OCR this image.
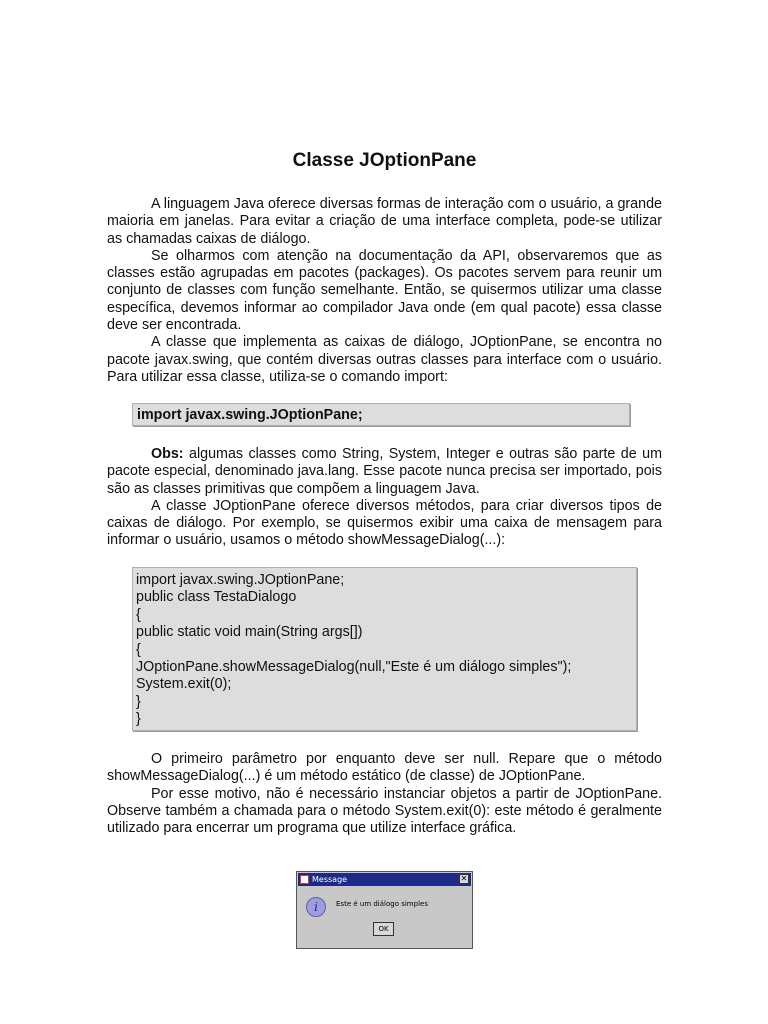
Classe JOptionPane

A linguagem Java oferece diversas formas de interação com o usuário, a grande maioria em janelas. Para evitar a criação de uma interface completa, pode-se utilizar as chamadas caixas de diálogo.

Se olharmos com atenção na documentação da API, observaremos que as classes estão agrupadas em pacotes (packages). Os pacotes servem para reunir um conjunto de classes com função semelhante. Então, se quisermos utilizar uma classe específica, devemos informar ao compilador Java onde (em qual pacote) essa classe deve ser encontrada.

A classe que implementa as caixas de diálogo, JOptionPane, se encontra no pacote javax.swing, que contém diversas outras classes para interface com o usuário. Para utilizar essa classe, utiliza-se o comando import:

import javax.swing.JOptionPane;

Obs: algumas classes como String, System, Integer e outras são parte de um pacote especial, denominado java.lang. Esse pacote nunca precisa ser importado, pois são as classes primitivas que compõem a linguagem Java.

A classe JOptionPane oferece diversos métodos, para criar diversos tipos de caixas de diálogo. Por exemplo, se quisermos exibir uma caixa de mensagem para informar o usuário, usamos o método showMessageDialog(...):

import javax.swing.JOptionPane;
public class TestaDialogo
{
public static void main(String args[])
{
JOptionPane.showMessageDialog(null,"Este é um diálogo simples");
System.exit(0);
}
}

O primeiro parâmetro por enquanto deve ser null. Repare que o método showMessageDialog(...) é um método estático (de classe) de JOptionPane.

Por esse motivo, não é necessário instanciar objetos a partir de JOptionPane. Observe também a chamada para o método System.exit(0): este método é geralmente utilizado para encerrar um programa que utilize interface gráfica.

Message	✕
i	Este é um diálogo simples
OK
